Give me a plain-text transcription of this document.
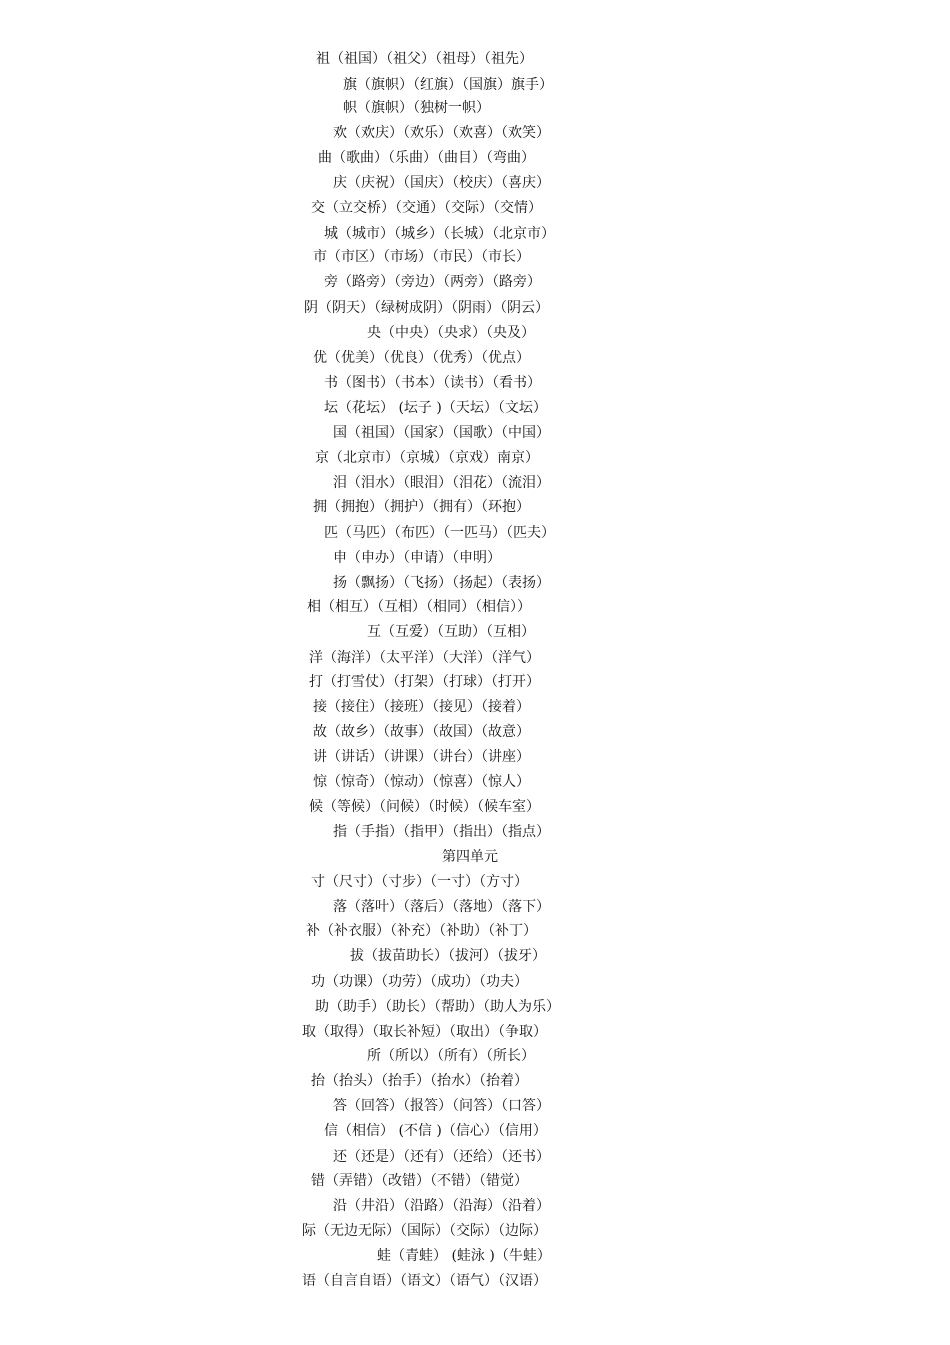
祖（祖国）（祖父）（祖母）（祖先）
旗（旗帜）（红旗）（国旗）旗手）
帜（旗帜）（独树一帜）
欢（欢庆）（欢乐）（欢喜）（欢笑）
曲（歌曲）（乐曲）（曲目）（弯曲）
庆（庆祝）（国庆）（校庆）（喜庆）
交（立交桥）（交通）（交际）（交情）
城（城市）（城乡）（长城）（北京市）
市（市区）（市场）（市民）（市长）
旁（路旁）（旁边）（两旁）（路旁）
阴（阴天）（绿树成阴）（阴雨）（阴云）
央（中央）（央求）（央及）
优（优美）（优良）（优秀）（优点）
书（图书）（书本）（读书）（看书）
坛（花坛） (坛子 )（天坛）（文坛）
国（祖国）（国家）（国歌）（中国）
京（北京市）（京城）（京戏）南京）
泪（泪水）（眼泪）（泪花）（流泪）
拥（拥抱）（拥护）（拥有）（环抱）
匹（马匹）（布匹）（一匹马）（匹夫）
申（申办）（申请）（申明）
扬（飘扬）（飞扬）（扬起）（表扬）
相（相互）（互相）（相同）（相信））
互（互爱）（互助）（互相）
洋（海洋）（太平洋）（大洋）（洋气）
打（打雪仗）（打架）（打球）（打开）
接（接住）（接班）（接见）（接着）
故（故乡）（故事）（故国）（故意）
讲（讲话）（讲课）（讲台）（讲座）
惊（惊奇）（惊动）（惊喜）（惊人）
候（等候）（问候）（时候）（候车室）
指（手指）（指甲）（指出）（指点）
第四单元
寸（尺寸）（寸步）（一寸）（方寸）
落（落叶）（落后）（落地）（落下）
补（补衣服）（补充）（补助）（补丁）
拔（拔苗助长）（拔河）（拔牙）
功（功课）（功劳）（成功）（功夫）
助（助手）（助长）（帮助）（助人为乐）
取（取得）（取长补短）（取出）（争取）
所（所以）（所有）（所长）
抬（抬头）（抬手）（抬水）（抬着）
答（回答）（报答）（问答）（口答）
信（相信） (不信 )（信心）（信用）
还（还是）（还有）（还给）（还书）
错（弄错）（改错）（不错）（错觉）
沿（井沿）（沿路）（沿海）（沿着）
际（无边无际）（国际）（交际）（边际）
蛙（青蛙） (蛙泳 )（牛蛙）
语（自言自语）（语文）（语气）（汉语）
